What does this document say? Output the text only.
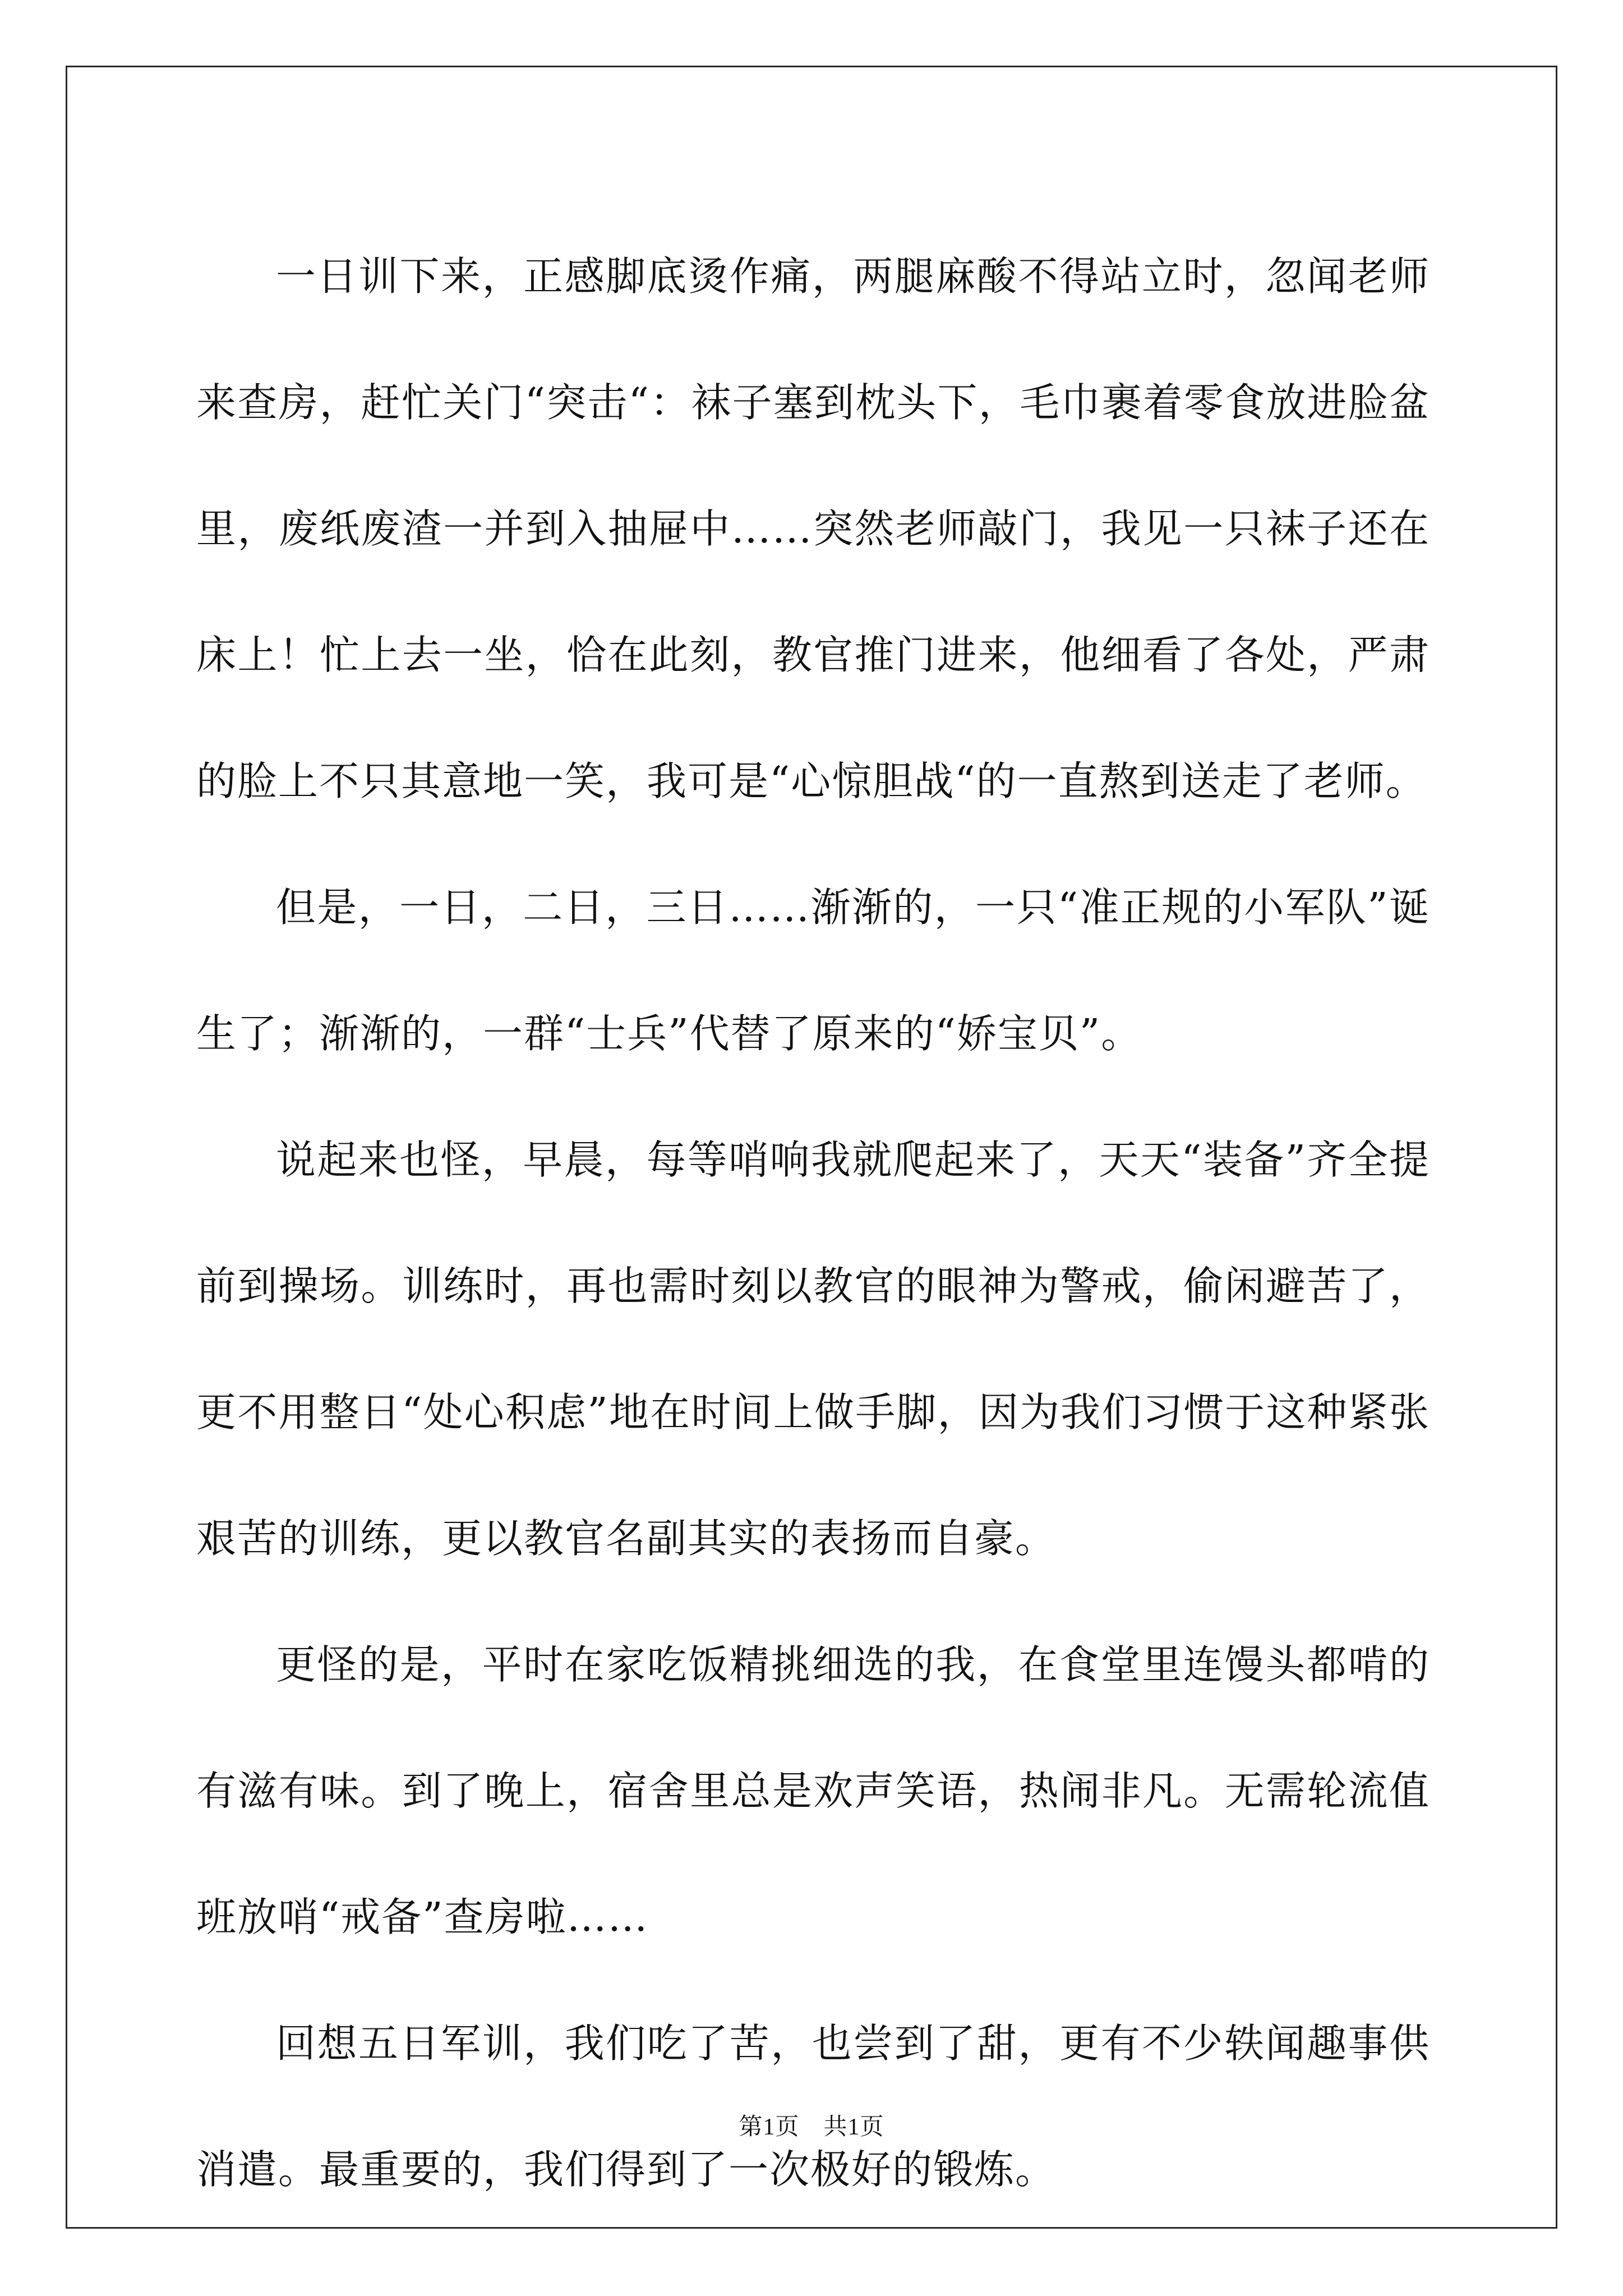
一日训下来，正感脚底烫作痛，两腿麻酸不得站立时，忽闻老师来查房，赶忙关门“突击“：袜子塞到枕头下，毛巾裹着零食放进脸盆里，废纸废渣一并到入抽屉中……突然老师敲门，我见一只袜子还在床上！忙上去一坐，恰在此刻，教官推门进来，他细看了各处，严肃的脸上不只其意地一笑，我可是“心惊胆战“的一直熬到送走了老师。

但是，一日，二日，三日……渐渐的，一只“准正规的小军队”诞生了；渐渐的，一群“士兵”代替了原来的“娇宝贝”。

说起来也怪，早晨，每等哨响我就爬起来了，天天“装备”齐全提前到操场。训练时，再也需时刻以教官的眼神为警戒，偷闲避苦了，更不用整日“处心积虑”地在时间上做手脚，因为我们习惯于这种紧张艰苦的训练，更以教官名副其实的表扬而自豪。

更怪的是，平时在家吃饭精挑细选的我，在食堂里连馒头都啃的有滋有味。到了晚上，宿舍里总是欢声笑语，热闹非凡。无需轮流值班放哨“戒备”查房啦……

回想五日军训，我们吃了苦，也尝到了甜，更有不少轶闻趣事供消遣。最重要的，我们得到了一次极好的锻炼。

第1页　共1页
